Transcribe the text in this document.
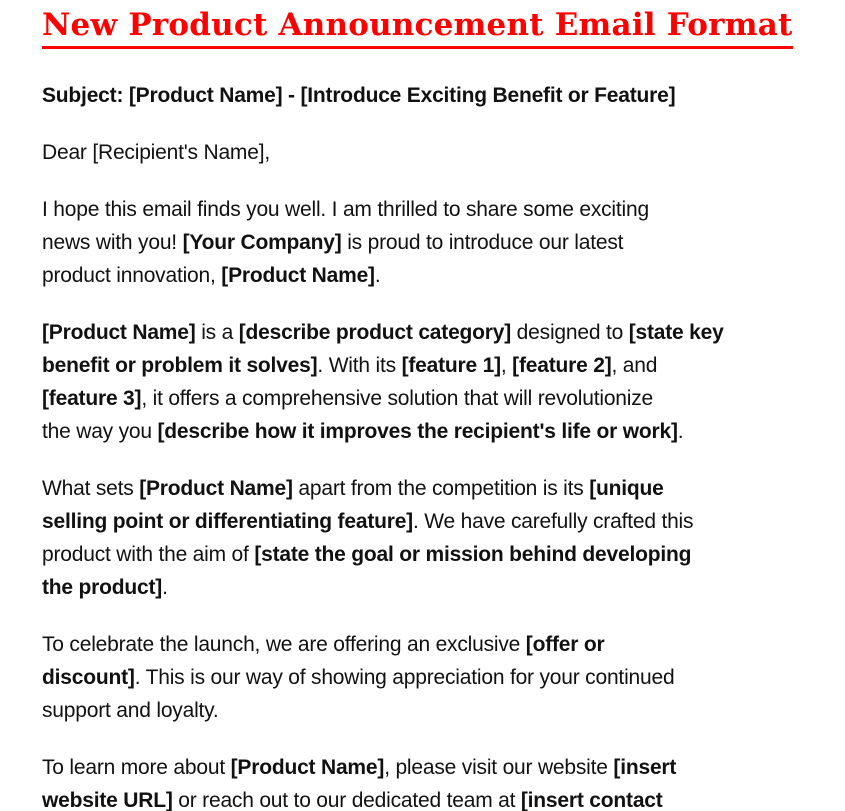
New Product Announcement Email Format

Subject: [Product Name] - [Introduce Exciting Benefit or Feature]

Dear [Recipient's Name],

I hope this email finds you well. I am thrilled to share some exciting
news with you! [Your Company] is proud to introduce our latest
product innovation, [Product Name].

[Product Name] is a [describe product category] designed to [state key
benefit or problem it solves]. With its [feature 1], [feature 2], and
[feature 3], it offers a comprehensive solution that will revolutionize
the way you [describe how it improves the recipient's life or work].

What sets [Product Name] apart from the competition is its [unique
selling point or differentiating feature]. We have carefully crafted this
product with the aim of [state the goal or mission behind developing
the product].

To celebrate the launch, we are offering an exclusive [offer or
discount]. This is our way of showing appreciation for your continued
support and loyalty.

To learn more about [Product Name], please visit our website [insert
website URL] or reach out to our dedicated team at [insert contact
